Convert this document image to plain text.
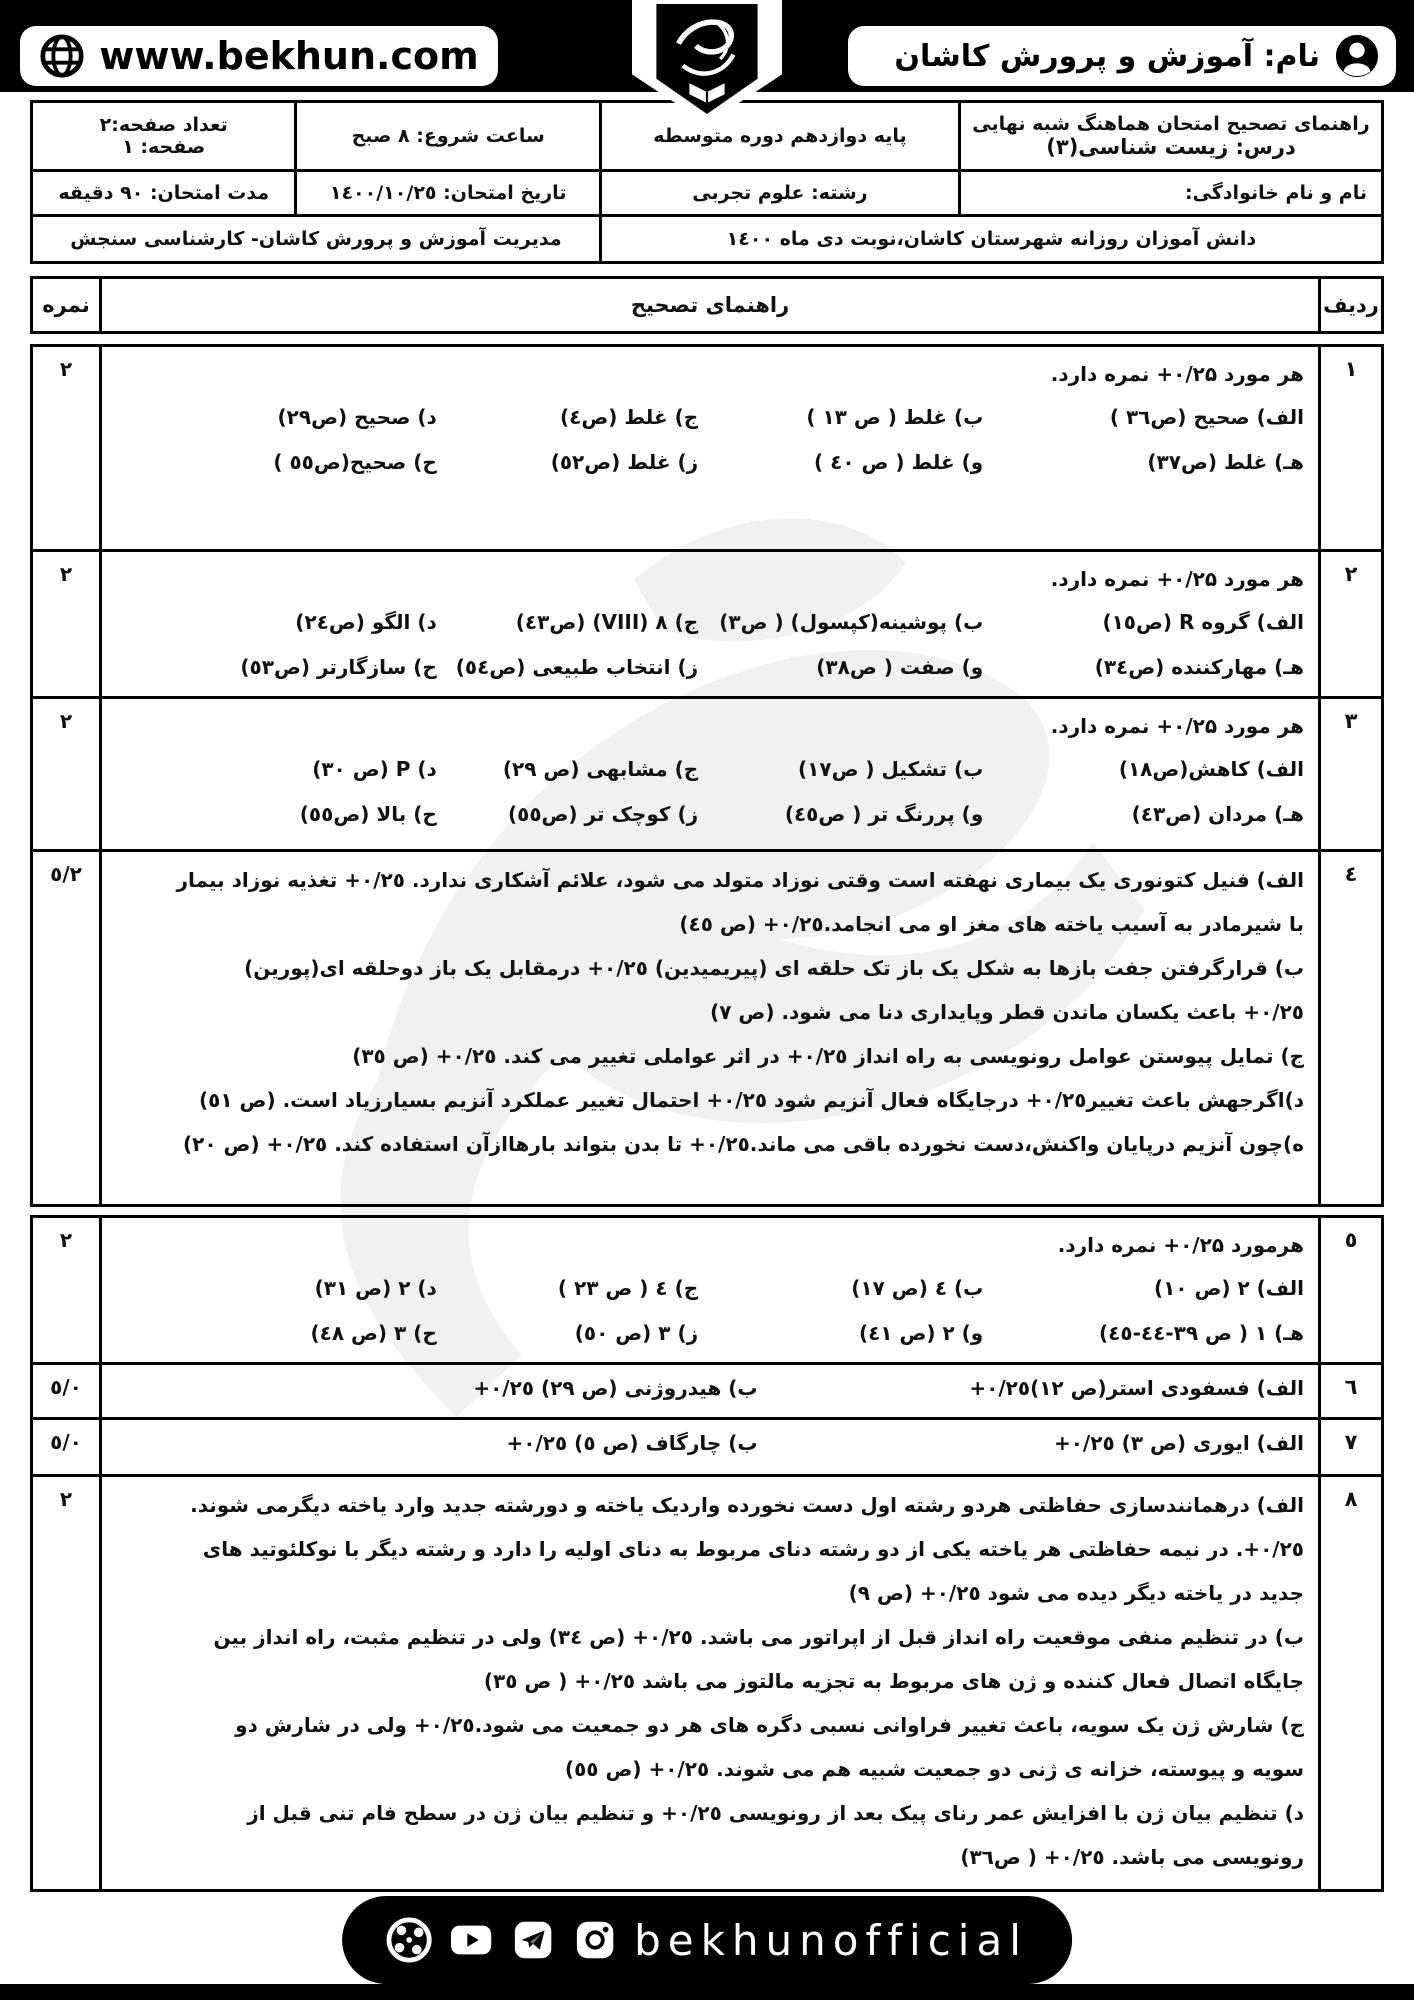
www.bekhun.com	نام: آموزش و پرورش کاشان
راهنمای تصحیح امتحان هماهنگ شبه نهایی
درس: زیست شناسی(۳)
	پایه دوازدهم دوره متوسطه	ساعت شروع: ۸ صبح	
تعداد صفحه:۲
صفحه: ۱

نام و نام خانوادگی:	رشته: علوم تجربی	تاریخ امتحان: ۱٤۰۰/۱۰/۲٥	مدت امتحان: ۹۰ دقیقه
دانش آموزان روزانه شهرستان کاشان،نوبت دی ماه ۱٤۰۰		مدیریت آموزش و پرورش کاشان- کارشناسی سنجش	
ردیف	راهنمای تصحیح	نمره
۱	
هر مورد ۰/۲۵+ نمره دارد.
الف) صحیح (ص۳٦ )
ب) غلط ( ص ۱۳ )
ج) غلط (ص٤)
د) صحیح (ص۲۹)
هـ) غلط (ص۳۷)
و) غلط ( ص ٤۰ )
ز) غلط (ص٥۲)
ح) صحیح(ص٥٥ )
	۲
۲	
هر مورد ۰/۲۵+ نمره دارد.
الف) گروه R (ص۱٥)
ب) پوشینه(کپسول) ( ص۳)
ج) ۸ (VIII) (ص٤۳)
د) الگو (ص۲٤)
هـ) مهارکننده (ص۳٤)
و) صفت ( ص۳۸)
ز) انتخاب طبیعی (ص٥٤)
ح) سازگارتر (ص٥۳)
	۲
۳	
هر مورد ۰/۲۵+ نمره دارد.
الف) کاهش(ص۱۸)
ب) تشکیل ( ص۱۷)
ج) مشابهی (ص ۲۹)
د) P (ص ۳۰)
هـ) مردان (ص٤۳)
و) پررنگ تر ( ص٤٥)
ز) کوچک تر (ص٥٥)
ح) بالا (ص٥٥)
	۲
٤	
الف) فنیل کتونوری یک بیماری نهفته است وقتی نوزاد متولد می شود، علائم آشکاری ندارد. ۰/۲٥+ تغذیه نوزاد بیمار
با شیرمادر به آسیب یاخته های مغز او می انجامد.۰/۲٥+ (ص ٤٥)
ب) قرارگرفتن جفت بازها به شکل یک باز تک حلقه ای (پیریمیدین) ۰/۲٥+ درمقابل یک باز دوحلقه ای(پورین)
۰/۲٥+ باعث یکسان ماندن قطر وپایداری دنا می شود. (ص ۷)
ج) تمایل پیوستن عوامل رونویسی به راه انداز ۰/۲٥+ در اثر عواملی تغییر می کند. ۰/۲٥+ (ص ۳٥)
د)اگرجهش باعث تغییر۰/۲٥+ درجایگاه فعال آنزیم شود ۰/۲٥+ احتمال تغییر عملکرد آنزیم بسیارزیاد است. (ص ٥۱)
ه)چون آنزیم درپایان واکنش،دست نخورده باقی می ماند.۰/۲٥+ تا بدن بتواند بارهاازآن استفاده کند. ۰/۲٥+ (ص ۲۰)
	۲/٥
٥	
هرمورد ۰/۲۵+ نمره دارد.
الف) ۲ (ص ۱۰)
ب) ٤ (ص ۱۷)
ج) ٤ ( ص ۲۳ )
د) ۲ (ص ۳۱)
هـ) ۱ ( ص ۳۹-٤٤-٤٥)
و) ۲ (ص ٤۱)
ز) ۳ (ص ٥۰)
ح) ۳ (ص ٤۸)
	۲
٦	الف) فسفودی استر(ص ۱۲)۰/۲٥+
ب) هیدروژنی (ص ۲۹) ۰/۲٥+	۰/٥
۷	الف) ایوری (ص ۳) ۰/۲٥+
ب) چارگاف (ص ٥) ۰/۲٥+	۰/٥
۸	
الف) درهمانندسازی حفاظتی هردو رشته اول دست نخورده واردیک یاخته و دورشته جدید وارد یاخته دیگرمی شوند.
۰/۲٥+. در نیمه حفاظتی هر یاخته یکی از دو رشته دنای مربوط به دنای اولیه را دارد و رشته دیگر با نوکلئوتید های
جدید در یاخته دیگر دیده می شود ۰/۲٥+ (ص ۹)
ب) در تنظیم منفی موقعیت راه انداز قبل از اپراتور می باشد. ۰/۲٥+ (ص ۳٤) ولی در تنظیم مثبت، راه انداز بین
جایگاه اتصال فعال کننده و ژن های مربوط به تجزیه مالتوز می باشد ۰/۲٥+ ( ص ۳٥)
ج) شارش ژن یک سویه، باعث تغییر فراوانی نسبی دگره های هر دو جمعیت می شود.۰/۲٥+ ولی در شارش دو
سویه و پیوسته، خزانه ی ژنی دو جمعیت شبیه هم می شوند. ۰/۲٥+ (ص ٥٥)
د) تنظیم بیان ژن با افزایش عمر رنای پیک بعد از رونویسی ۰/۲٥+ و تنظیم بیان ژن در سطح فام تنی قبل از
رونویسی می باشد. ۰/۲٥+ ( ص۳٦)
	۲
bekhunofficial
